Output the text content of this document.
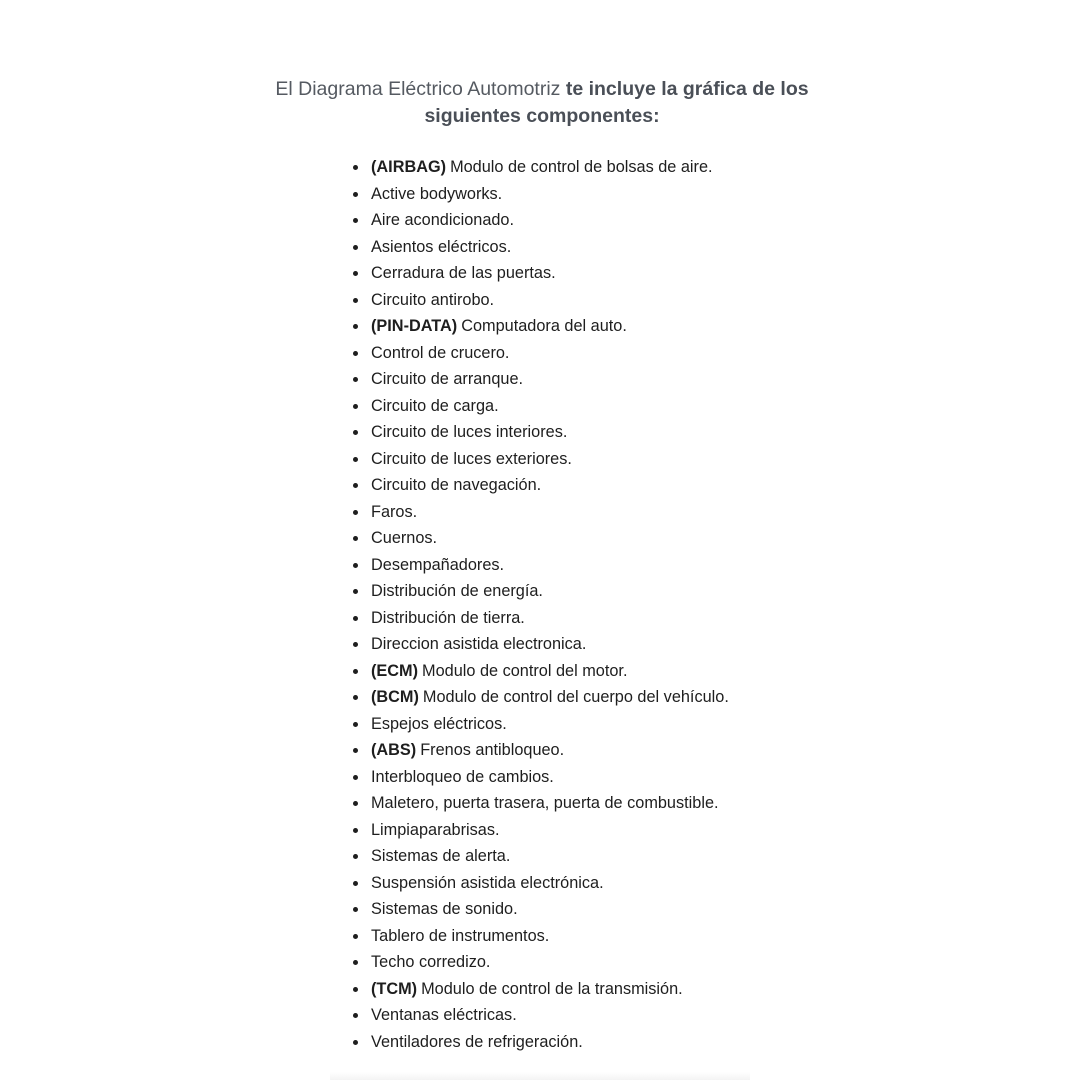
El Diagrama Eléctrico Automotriz te incluye la gráfica de los siguientes componentes:
(AIRBAG) Modulo de control de bolsas de aire.
Active bodyworks.
Aire acondicionado.
Asientos eléctricos.
Cerradura de las puertas.
Circuito antirobo.
(PIN-DATA) Computadora del auto.
Control de crucero.
Circuito de arranque.
Circuito de carga.
Circuito de luces interiores.
Circuito de luces exteriores.
Circuito de navegación.
Faros.
Cuernos.
Desempañadores.
Distribución de energía.
Distribución de tierra.
Direccion asistida electronica.
(ECM) Modulo de control del motor.
(BCM) Modulo de control del cuerpo del vehículo.
Espejos eléctricos.
(ABS) Frenos antibloqueo.
Interbloqueo de cambios.
Maletero, puerta trasera, puerta de combustible.
Limpiaparabrisas.
Sistemas de alerta.
Suspensión asistida electrónica.
Sistemas de sonido.
Tablero de instrumentos.
Techo corredizo.
(TCM) Modulo de control de la transmisión.
Ventanas eléctricas.
Ventiladores de refrigeración.
